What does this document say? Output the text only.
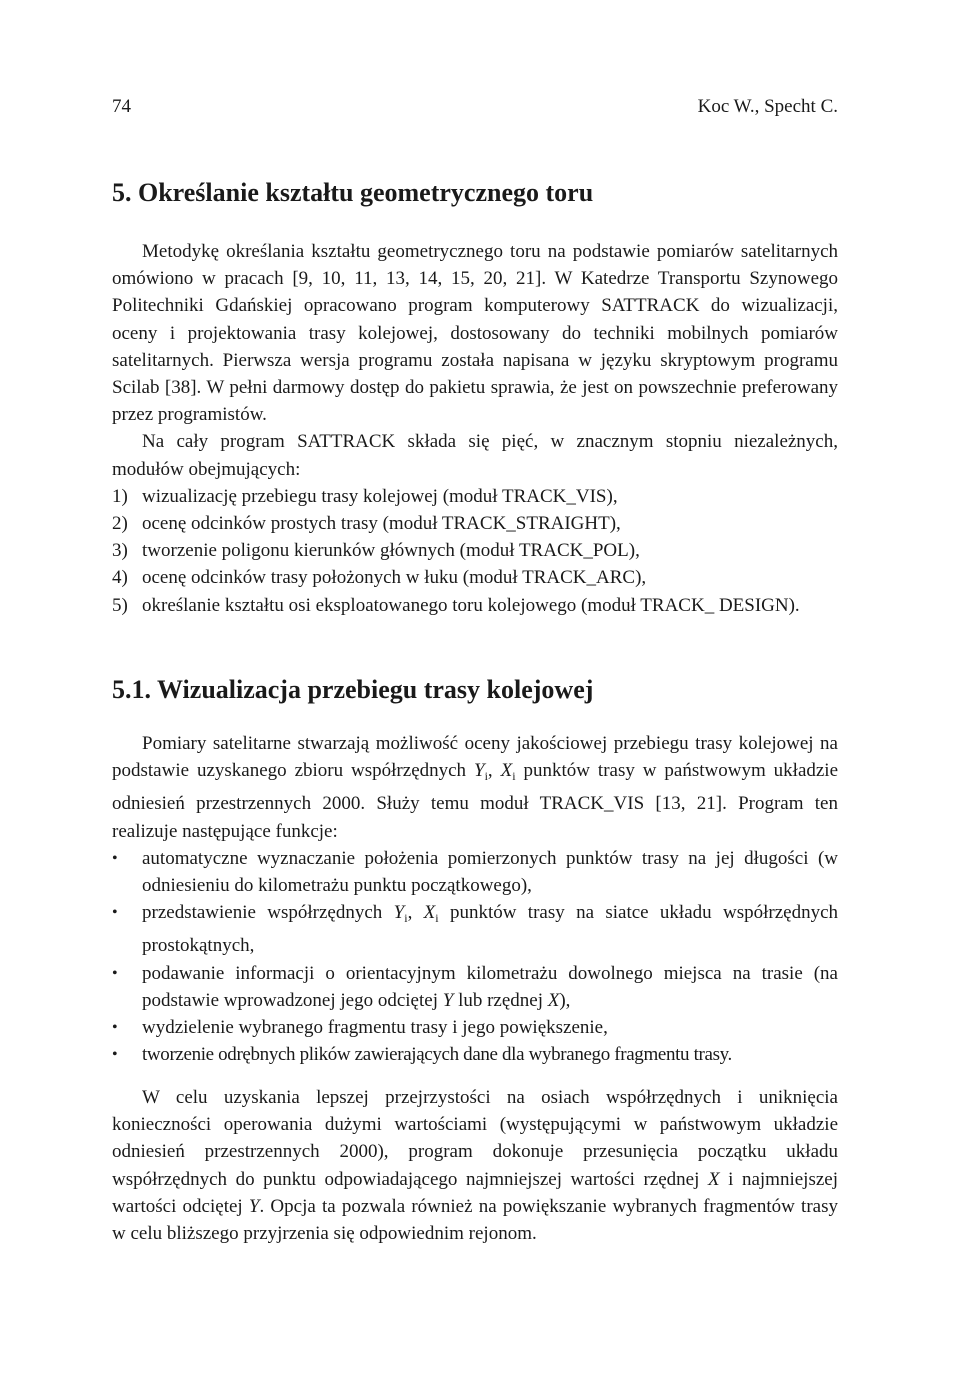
74	Koc W., Specht C.
5. Określanie kształtu geometrycznego toru

Metodykę określania kształtu geometrycznego toru na podstawie pomiarów satelitarnych omówiono w pracach [9, 10, 11, 13, 14, 15, 20, 21]. W Katedrze Transportu Szynowego Politechniki Gdańskiej opracowano program komputerowy SATTRACK do wizualizacji, oceny i projektowania trasy kolejowej, dostosowany do techniki mobilnych pomiarów satelitarnych. Pierwsza wersja programu została napisana w języku skryptowym programu Scilab [38]. W pełni darmowy dostęp do pakietu sprawia, że jest on powszechnie preferowany przez programistów.

Na cały program SATTRACK składa się pięć, w znacznym stopniu niezależnych, modułów obejmujących:

1) wizualizację przebiegu trasy kolejowej (moduł TRACK_VIS),
2) ocenę odcinków prostych trasy (moduł TRACK_STRAIGHT),
3) tworzenie poligonu kierunków głównych (moduł TRACK_POL),
4) ocenę odcinków trasy położonych w łuku (moduł TRACK_ARC),
5) określanie kształtu osi eksploatowanego toru kolejowego (moduł TRACK_ DESIGN).
5.1. Wizualizacja przebiegu trasy kolejowej

Pomiary satelitarne stwarzają możliwość oceny jakościowej przebiegu trasy kolejowej na podstawie uzyskanego zbioru współrzędnych $Y_i$, $X_i$ punktów trasy w państwowym układzie odniesień przestrzennych 2000. Służy temu moduł TRACK_VIS [13, 21]. Program ten realizuje następujące funkcje:

• automatyczne wyznaczanie położenia pomierzonych punktów trasy na jej długości (w odniesieniu do kilometrażu punktu początkowego),
• przedstawienie współrzędnych $Y_i$, $X_i$ punktów trasy na siatce układu współrzędnych prostokątnych,
• podawanie informacji o orientacyjnym kilometrażu dowolnego miejsca na trasie (na podstawie wprowadzonej jego odciętej Y lub rzędnej X),
• wydzielenie wybranego fragmentu trasy i jego powiększenie,
• tworzenie odrębnych plików zawierających dane dla wybranego fragmentu trasy.

W celu uzyskania lepszej przejrzystości na osiach współrzędnych i uniknięcia konieczności operowania dużymi wartościami (występującymi w państwowym układzie odniesień przestrzennych 2000), program dokonuje przesunięcia początku układu współrzędnych do punktu odpowiadającego najmniejszej wartości rzędnej X i najmniejszej wartości odciętej Y. Opcja ta pozwala również na powiększanie wybranych fragmentów trasy w celu bliższego przyjrzenia się odpowiednim rejonom.
